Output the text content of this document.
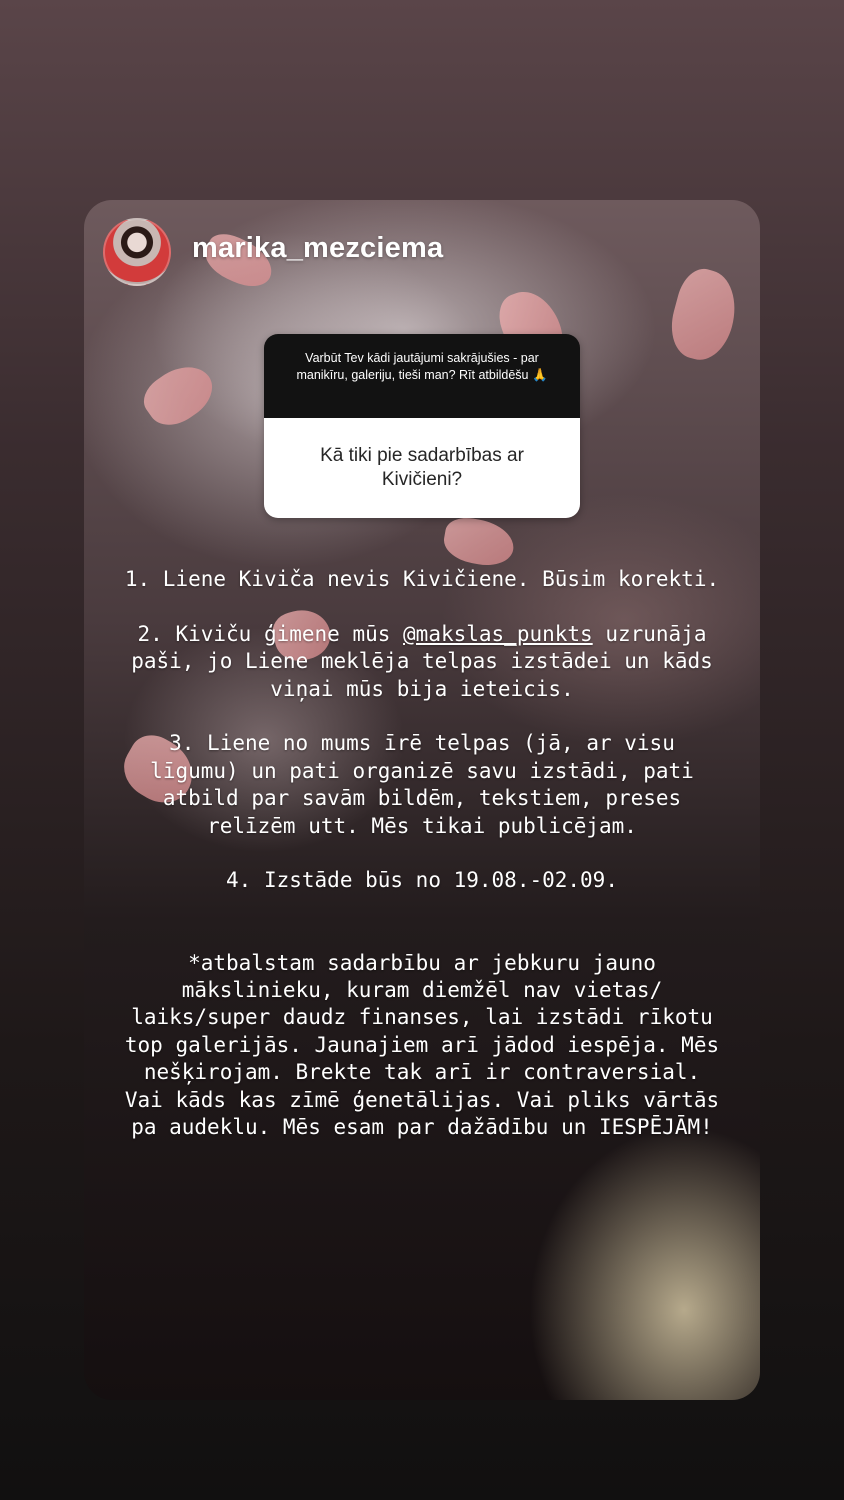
marika_mezciema
Varbūt Tev kādi jautājumi sakrājušies - par manikīru, galeriju, tieši man? Rīt atbildēšu 🙏
Kā tiki pie sadarbības ar Kivičieni?

1. Liene Kiviča nevis Kivičiene. Būsim korekti.

2. Kiviču ģimene mūs @makslas_punkts uzrunāja paši, jo Liene meklēja telpas izstādei un kāds viņai mūs bija ieteicis.

3. Liene no mums īrē telpas (jā, ar visu līgumu) un pati organizē savu izstādi, pati atbild par savām bildēm, tekstiem, preses relīzēm utt. Mēs tikai publicējam.

4. Izstāde būs no 19.08.-02.09.

*atbalstam sadarbību ar jebkuru jauno mākslinieku, kuram diemžēl nav vietas/ laiks/super daudz finanses, lai izstādi rīkotu top galerijās. Jaunajiem arī jādod iespēja. Mēs nešķirojam. Brekte tak arī ir contraversial. Vai kāds kas zīmē ģenetālijas. Vai pliks vārtās pa audeklu. Mēs esam par dažādību un IESPĒJĀM!
